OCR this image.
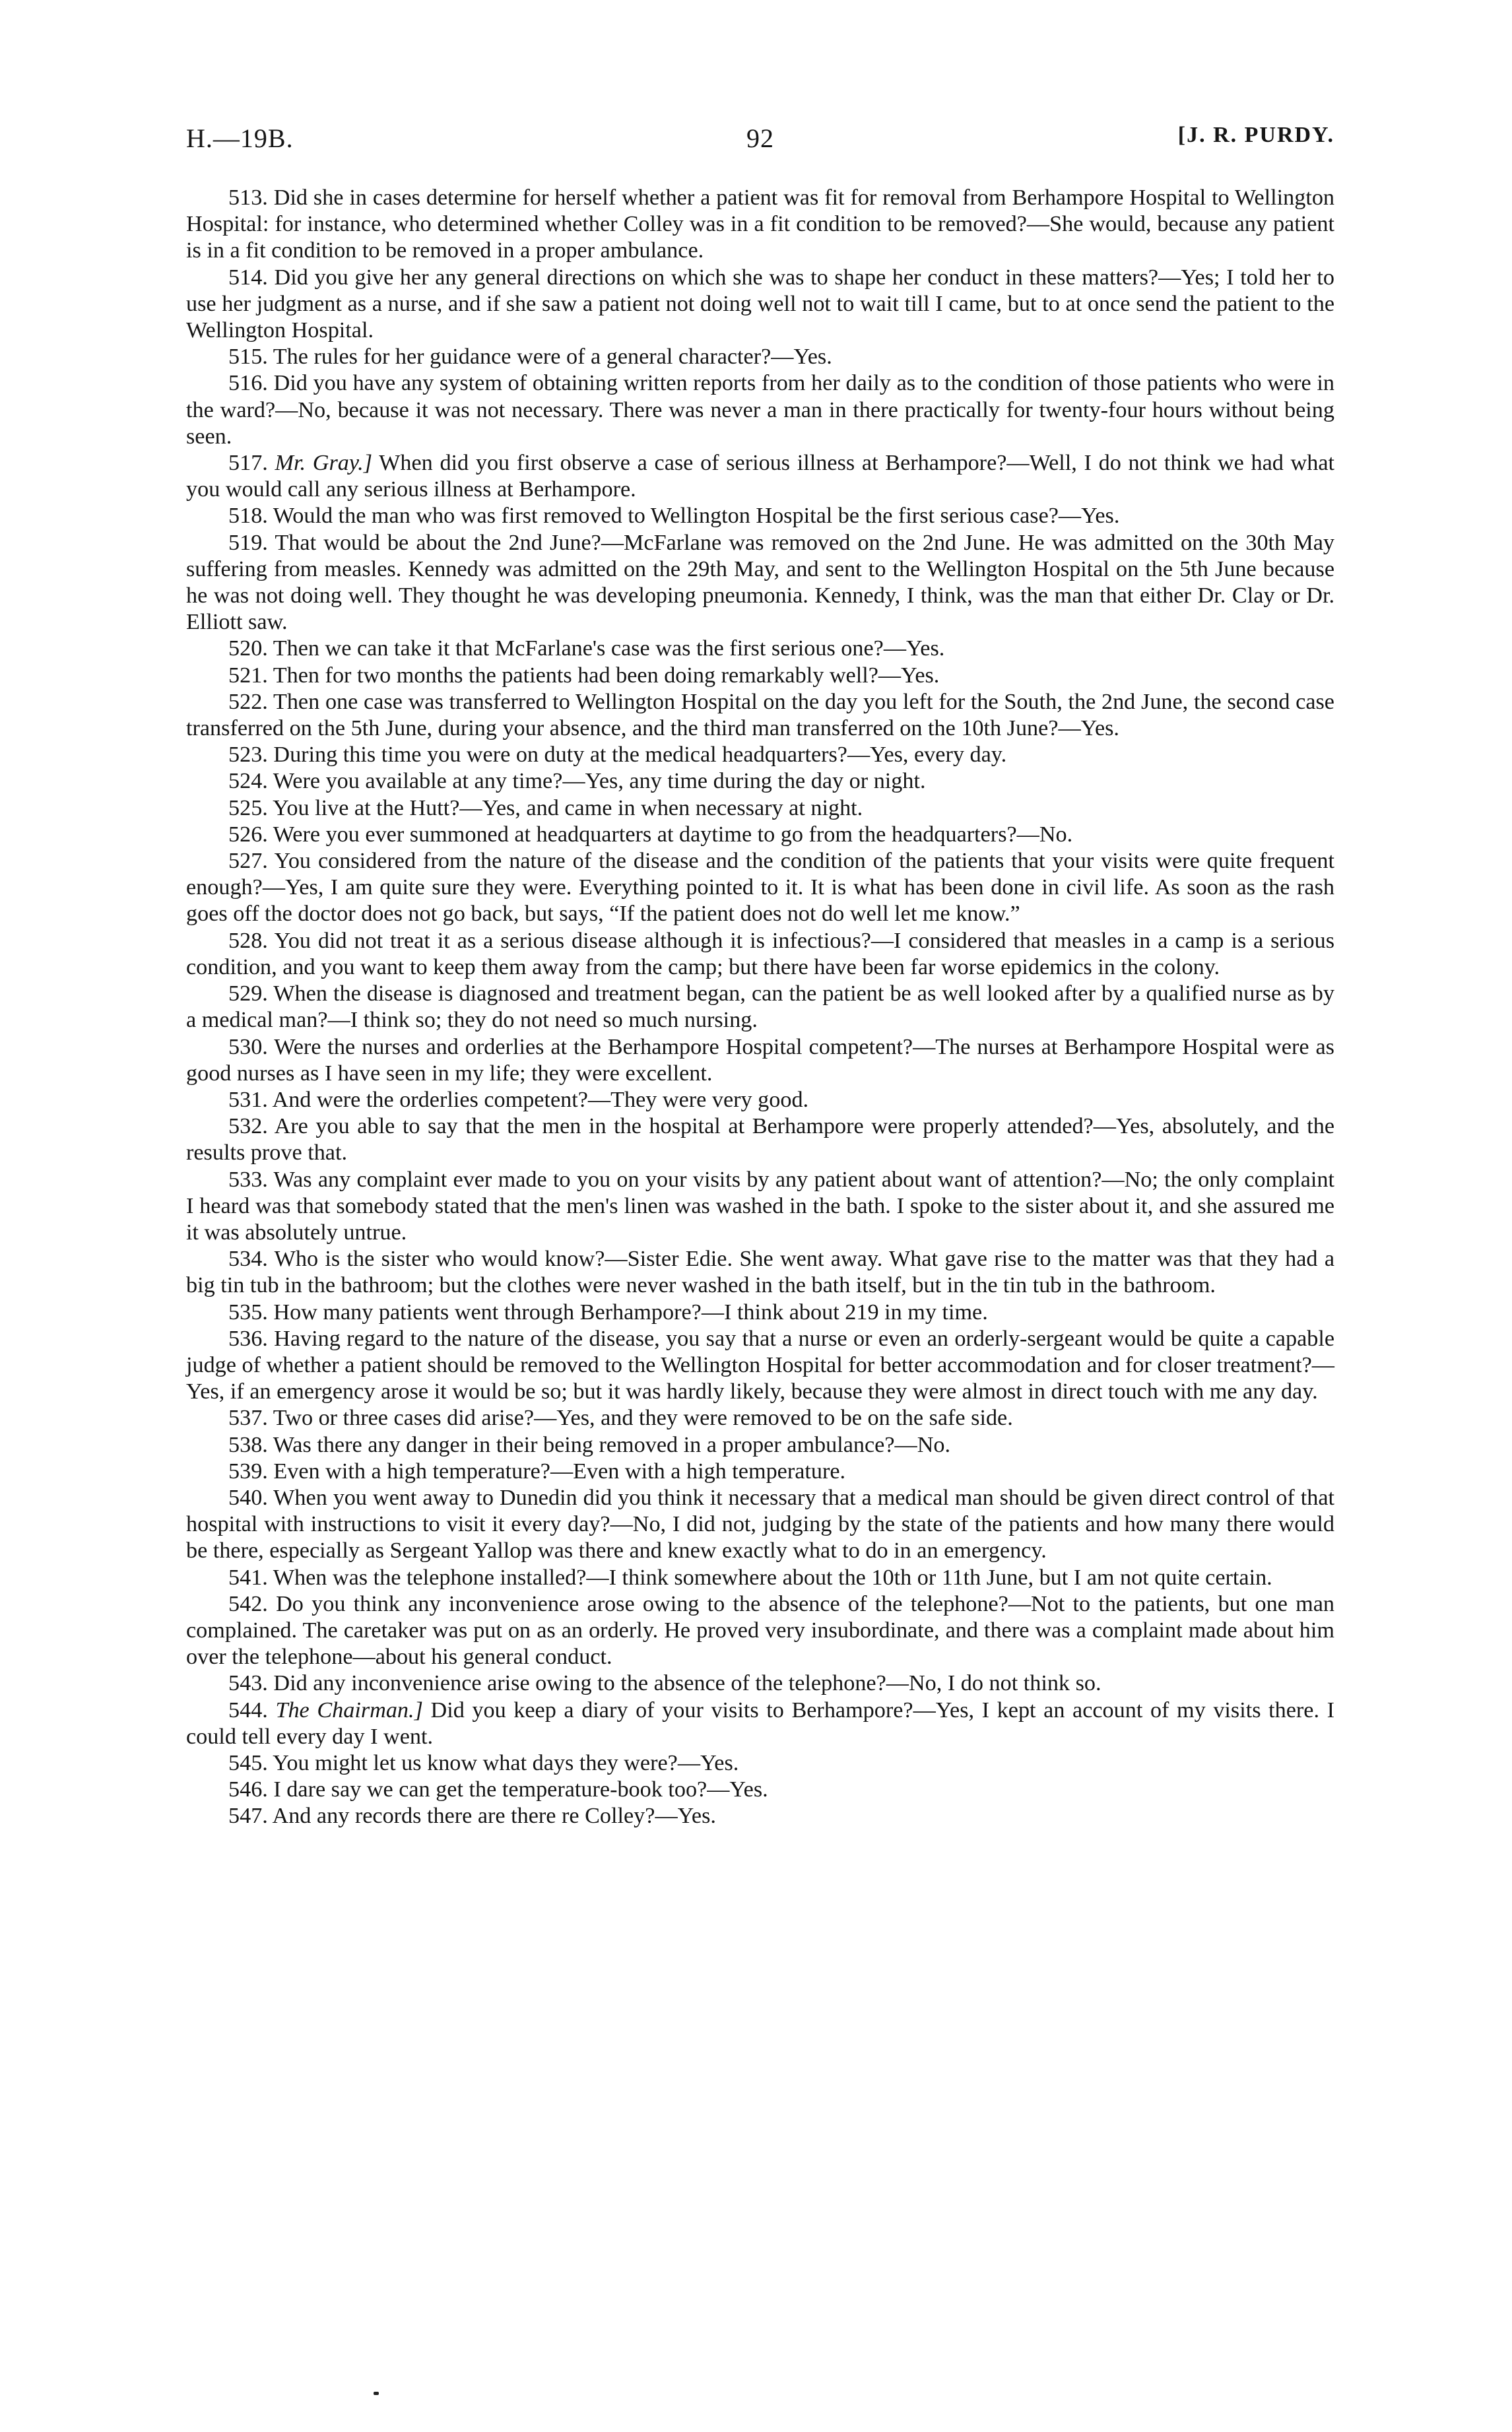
H.—19B.	92	[J. R. PURDY.

513. Did she in cases determine for herself whether a patient was fit for removal from Berhampore Hospital to Wellington Hospital: for instance, who determined whether Colley was in a fit condition to be removed?—She would, because any patient is in a fit condition to be removed in a proper ambulance.

514. Did you give her any general directions on which she was to shape her conduct in these matters?—Yes; I told her to use her judgment as a nurse, and if she saw a patient not doing well not to wait till I came, but to at once send the patient to the Wellington Hospital.

515. The rules for her guidance were of a general character?—Yes.

516. Did you have any system of obtaining written reports from her daily as to the condition of those patients who were in the ward?—No, because it was not necessary. There was never a man in there practically for twenty-four hours without being seen.

517. Mr. Gray.] When did you first observe a case of serious illness at Berhampore?—Well, I do not think we had what you would call any serious illness at Berhampore.

518. Would the man who was first removed to Wellington Hospital be the first serious case?—Yes.

519. That would be about the 2nd June?—McFarlane was removed on the 2nd June. He was admitted on the 30th May suffering from measles. Kennedy was admitted on the 29th May, and sent to the Wellington Hospital on the 5th June because he was not doing well. They thought he was developing pneumonia. Kennedy, I think, was the man that either Dr. Clay or Dr. Elliott saw.

520. Then we can take it that McFarlane's case was the first serious one?—Yes.

521. Then for two months the patients had been doing remarkably well?—Yes.

522. Then one case was transferred to Wellington Hospital on the day you left for the South, the 2nd June, the second case transferred on the 5th June, during your absence, and the third man transferred on the 10th June?—Yes.

523. During this time you were on duty at the medical headquarters?—Yes, every day.

524. Were you available at any time?—Yes, any time during the day or night.

525. You live at the Hutt?—Yes, and came in when necessary at night.

526. Were you ever summoned at headquarters at daytime to go from the headquarters?—No.

527. You considered from the nature of the disease and the condition of the patients that your visits were quite frequent enough?—Yes, I am quite sure they were. Everything pointed to it. It is what has been done in civil life. As soon as the rash goes off the doctor does not go back, but says, “If the patient does not do well let me know.”

528. You did not treat it as a serious disease although it is infectious?—I considered that measles in a camp is a serious condition, and you want to keep them away from the camp; but there have been far worse epidemics in the colony.

529. When the disease is diagnosed and treatment began, can the patient be as well looked after by a qualified nurse as by a medical man?—I think so; they do not need so much nursing.

530. Were the nurses and orderlies at the Berhampore Hospital competent?—The nurses at Berhampore Hospital were as good nurses as I have seen in my life; they were excellent.

531. And were the orderlies competent?—They were very good.

532. Are you able to say that the men in the hospital at Berhampore were properly attended?—Yes, absolutely, and the results prove that.

533. Was any complaint ever made to you on your visits by any patient about want of attention?—No; the only complaint I heard was that somebody stated that the men's linen was washed in the bath. I spoke to the sister about it, and she assured me it was absolutely untrue.

534. Who is the sister who would know?—Sister Edie. She went away. What gave rise to the matter was that they had a big tin tub in the bathroom; but the clothes were never washed in the bath itself, but in the tin tub in the bathroom.

535. How many patients went through Berhampore?—I think about 219 in my time.

536. Having regard to the nature of the disease, you say that a nurse or even an orderly-sergeant would be quite a capable judge of whether a patient should be removed to the Wellington Hospital for better accommodation and for closer treatment?—Yes, if an emergency arose it would be so; but it was hardly likely, because they were almost in direct touch with me any day.

537. Two or three cases did arise?—Yes, and they were removed to be on the safe side.

538. Was there any danger in their being removed in a proper ambulance?—No.

539. Even with a high temperature?—Even with a high temperature.

540. When you went away to Dunedin did you think it necessary that a medical man should be given direct control of that hospital with instructions to visit it every day?—No, I did not, judging by the state of the patients and how many there would be there, especially as Sergeant Yallop was there and knew exactly what to do in an emergency.

541. When was the telephone installed?—I think somewhere about the 10th or 11th June, but I am not quite certain.

542. Do you think any inconvenience arose owing to the absence of the telephone?—Not to the patients, but one man complained. The caretaker was put on as an orderly. He proved very insubordinate, and there was a complaint made about him over the telephone—about his general conduct.

543. Did any inconvenience arise owing to the absence of the telephone?—No, I do not think so.

544. The Chairman.] Did you keep a diary of your visits to Berhampore?—Yes, I kept an account of my visits there. I could tell every day I went.

545. You might let us know what days they were?—Yes.

546. I dare say we can get the temperature-book too?—Yes.

547. And any records there are there re Colley?—Yes.
